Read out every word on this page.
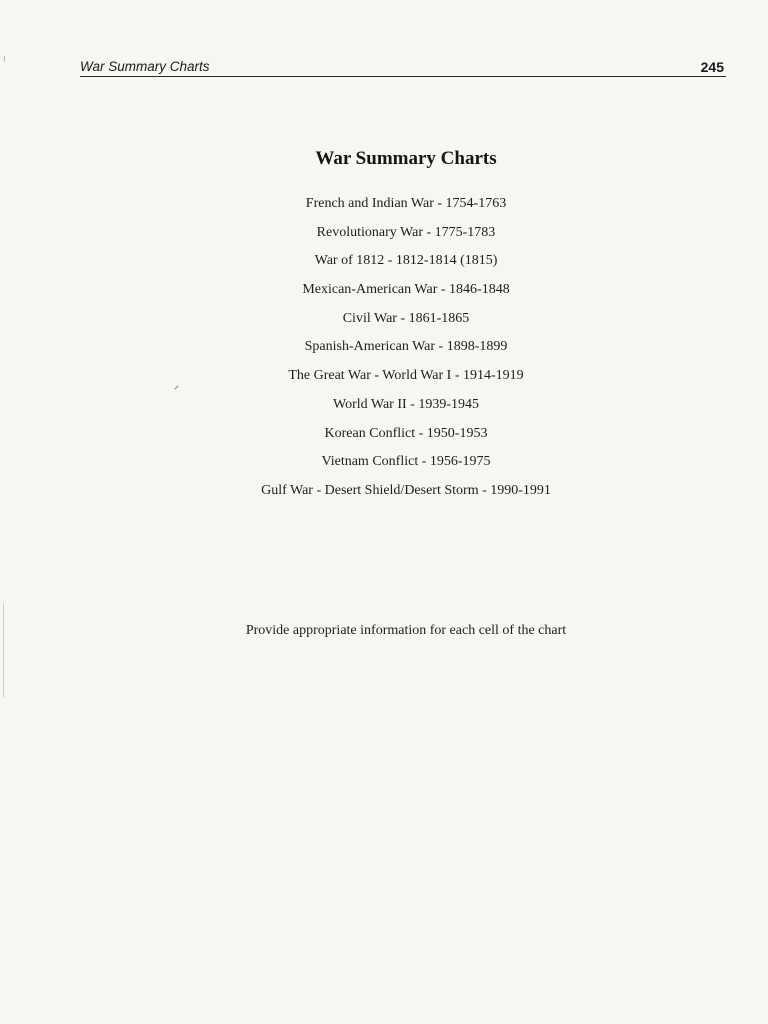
War Summary Charts	245
War Summary Charts
French and Indian War - 1754-1763
Revolutionary War - 1775-1783
War of 1812 - 1812-1814 (1815)
Mexican-American War - 1846-1848
Civil War - 1861-1865
Spanish-American War - 1898-1899
The Great War - World War I - 1914-1919
World War II - 1939-1945
Korean Conflict - 1950-1953
Vietnam Conflict - 1956-1975
Gulf War - Desert Shield/Desert Storm - 1990-1991
Provide appropriate information for each cell of the chart
